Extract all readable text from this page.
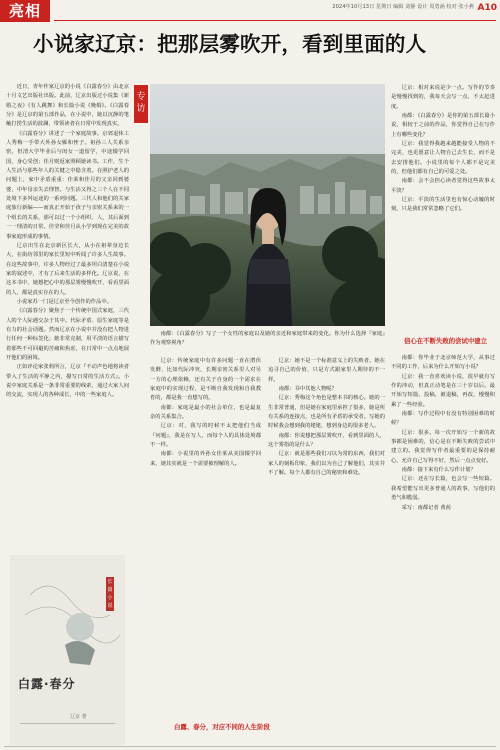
亮相	2024年10月13日 星期日 编辑 刘静 设计 周勇涵 校对 张小燕 A10
小说家辽京：把那层雾吹开，看到里面的人

近日，青年作家辽京的小说《白露春分》由北京十月文艺出版社出版。此前，辽京出版过小说集《新婚之夜》《有人跳舞》和长篇小说《晚婚》。《白露春分》是辽京的第五部作品，在小说中，她以沉静的笔触打捞生活的波澜，带领读者在日常中发现真实。

《白露春分》讲述了一个家庭故事。京郊退休工人秀梅一手带大外孙女雁和侄子。祖孙三人关系亲密，但清大学毕业后与闺女一道留学，中途辍学回国，身心受创；佳月则返家照顾她读书。工作，生个人生活与那些年人的关键之中隐含着。在照护老人的问题上，家中矛盾重重：佳莱和佳月的父亲回到婆婆，中年母亲失去理智。与生活又得之三个人在不同处境下多舛运途的一系列问题。三代人和他们的关家庭旅行新编——而真正开始于孩子与亲密关系来的一个组长的关系，那可以过一个小组织、人，其后面到一一理清的日常。佳莹和佳月从小学到现在完美的故事家庭形成的事情。

辽京出生在北京新区长大，从小在祖辈身边长大，在街坊邻里的家长里短中听闻了许多人生故事。在这些故事中，许多人物经过了最多坦白清楚在小说家的叙述中，才有了后来生活的多样化。辽京说，在这本书中，她想把心中的那层雾慢慢吹开，看看里面的人，都是真实存在的人。

小说家苏一门是辽京至今创作的作品中。

《白露春分》聚焦于一个传统中国式家庭，三代人的个人际遇交杂于其中。代际矛盾、原生家庭等是有力的社会话题。然而辽京在小说中并没有把人物进行任何一种标签化；她非常克制，用平淡的语言描写着那些不可回避的苦痛和焦虑，在日常中一点点地展开他们的困境。

正如评论家张莉所言，辽京『不动声色地将读者带入了生活的平静之内，描写日常的生活方式』。小说中家庭关系是一条非常重要的线索，通过大家人间的交流，实现人的各种成长，中的一些家庭人。

专访

南都：《白露春分》写了一个女性的家庭以及她的亲近和家庭带来的变化。你为什么选择『家庭』作为观察视角？

辽京：传统家庭中有许多问题一直在潜伏发酵，比如代际冲突，长期亲密关系里人对另一方的心理依赖，还有关于自身的一个需求在家庭中的实现过程，是不断自我发现和自我教育的，都是我一直想写的。

南都：家庭是最小的社会单位，也是最复杂的关系集合。

辽京：对，我写的时候不太把他们当成『问题』，我是在写人，而每个人的具体处境都不一样。

南都：小说里的外孙女佳莱从美国辍学回来，她其实就是一个需要被理解的人。

白露、春分，对应不同的人生阶段

辽京：她不是一个标准意义上的失败者。她在追寻自己的价值，只是方式跟家里人期待的不一样。

南都：书中其他人物呢？

辽京：秀梅这个角色是整本书的核心。她的一生非常普通，但是她在家庭里承担了很多，她是所有关系的连接点，也是所有矛盾的承受者。写她的时候我会想到我的姥姥，想到身边的很多老人。

南都：你说想把那层雾吹开，看到里面的人，这个雾指的是什么？

辽京：就是那些我们习以为常的东西，我们对家人的刻板印象，我们以为自己了解他们，其实并不了解。每个人都有自己的秘密和难处。

辽京：相对来说是少一点。写作的节奏是慢慢找到的，我每天会写一点，不太赶进度。

南都：《白露春分》是你的第五部长篇小说，相较于之前的作品，你觉得自己在写作上有哪些变化？

辽京：我觉得我越来越能接受人物的不完美，也更愿意让人物自己去生长，而不是去安排他们。小说里的每个人都不是完美的，但他们都有自己的可爱之处。

南都：会不会担心读者觉得这些故事太平淡？

辽京：平淡的生活里也有惊心动魄的时刻，只是我们常常忽略了它们。

信心在不断失败的尝试中建立

南都：你毕业于北京师范大学，从事过不同的工作，后来为什么开始写小说？

辽京：我一直喜欢读小说，很早就有写作的冲动，但真正动笔是在三十岁以后。最开始写短篇，投稿，被退稿，再改，慢慢积累了一些经验。

南都：写作过程中有没有特别困难的时候？

辽京：很多。每一次开始写一个新的故事都是困难的，信心是在不断失败的尝试中建立的。我觉得写作者最重要的是保持耐心，允许自己写得不好，然后一点点变好。

南都：接下来有什么写作计划？

辽京：还在写长篇，也会写一些短篇。我希望能写出更多普通人的故事，写他们的勇气和脆弱。

采写：南都记者 黄茜

长篇小说
白露·春分
辽京 著
